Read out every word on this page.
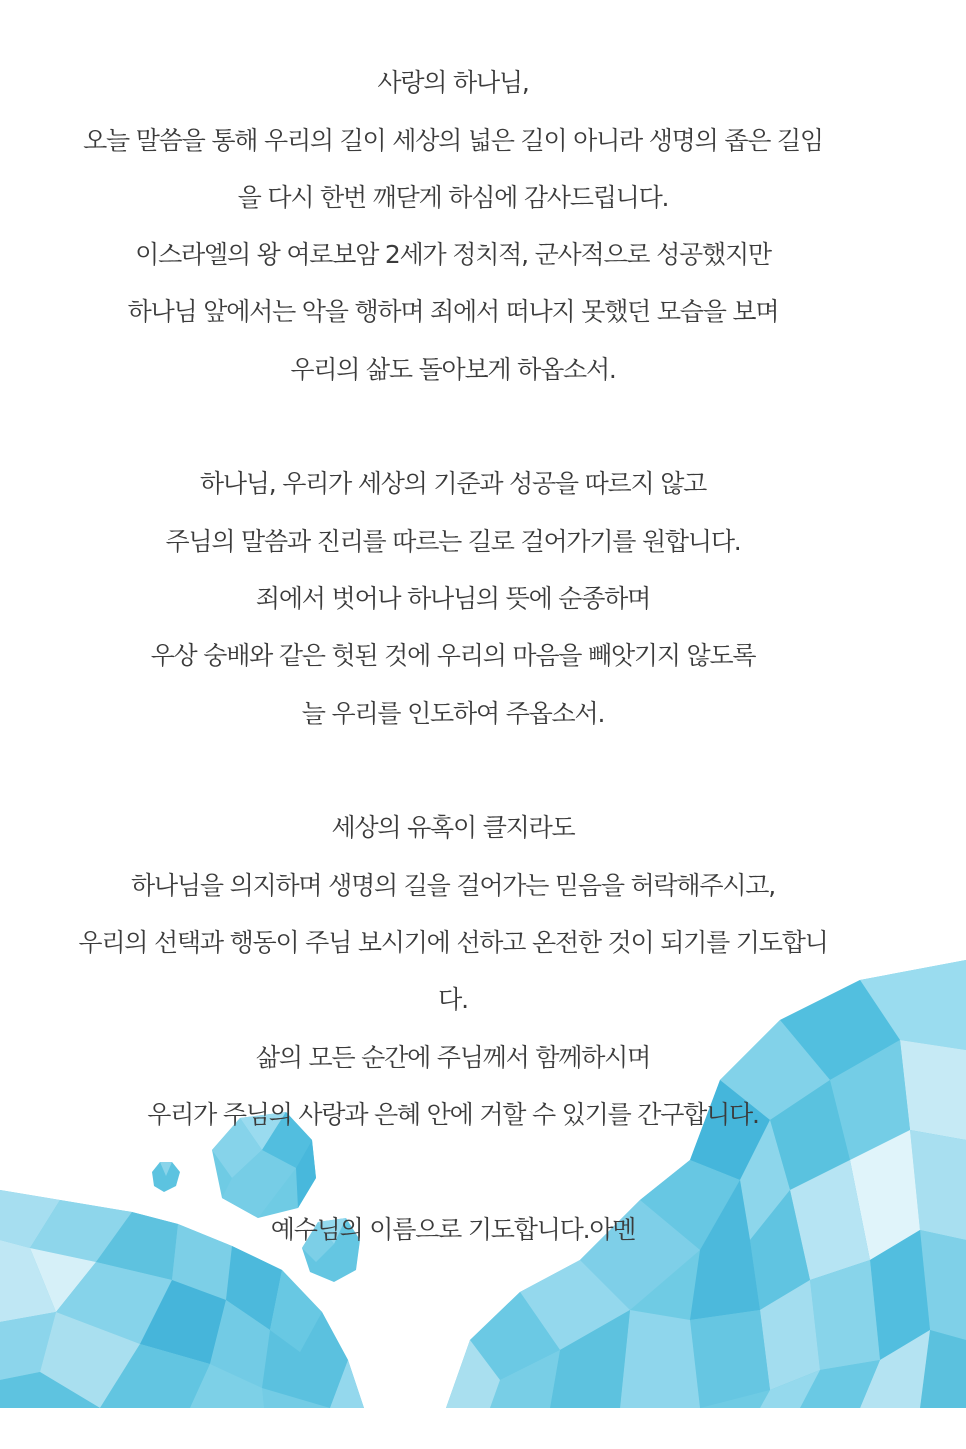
사랑의 하나님,
오늘 말씀을 통해 우리의 길이 세상의 넓은 길이 아니라 생명의 좁은 길임
을 다시 한번 깨닫게 하심에 감사드립니다.
이스라엘의 왕 여로보암 2세가 정치적, 군사적으로 성공했지만
하나님 앞에서는 악을 행하며 죄에서 떠나지 못했던 모습을 보며
우리의 삶도 돌아보게 하옵소서.
하나님, 우리가 세상의 기준과 성공을 따르지 않고
주님의 말씀과 진리를 따르는 길로 걸어가기를 원합니다.
죄에서 벗어나 하나님의 뜻에 순종하며
우상 숭배와 같은 헛된 것에 우리의 마음을 빼앗기지 않도록
늘 우리를 인도하여 주옵소서.
세상의 유혹이 클지라도
하나님을 의지하며 생명의 길을 걸어가는 믿음을 허락해주시고,
우리의 선택과 행동이 주님 보시기에 선하고 온전한 것이 되기를 기도합니
다.
삶의 모든 순간에 주님께서 함께하시며
우리가 주님의 사랑과 은혜 안에 거할 수 있기를 간구합니다.
예수님의 이름으로 기도합니다.아멘
